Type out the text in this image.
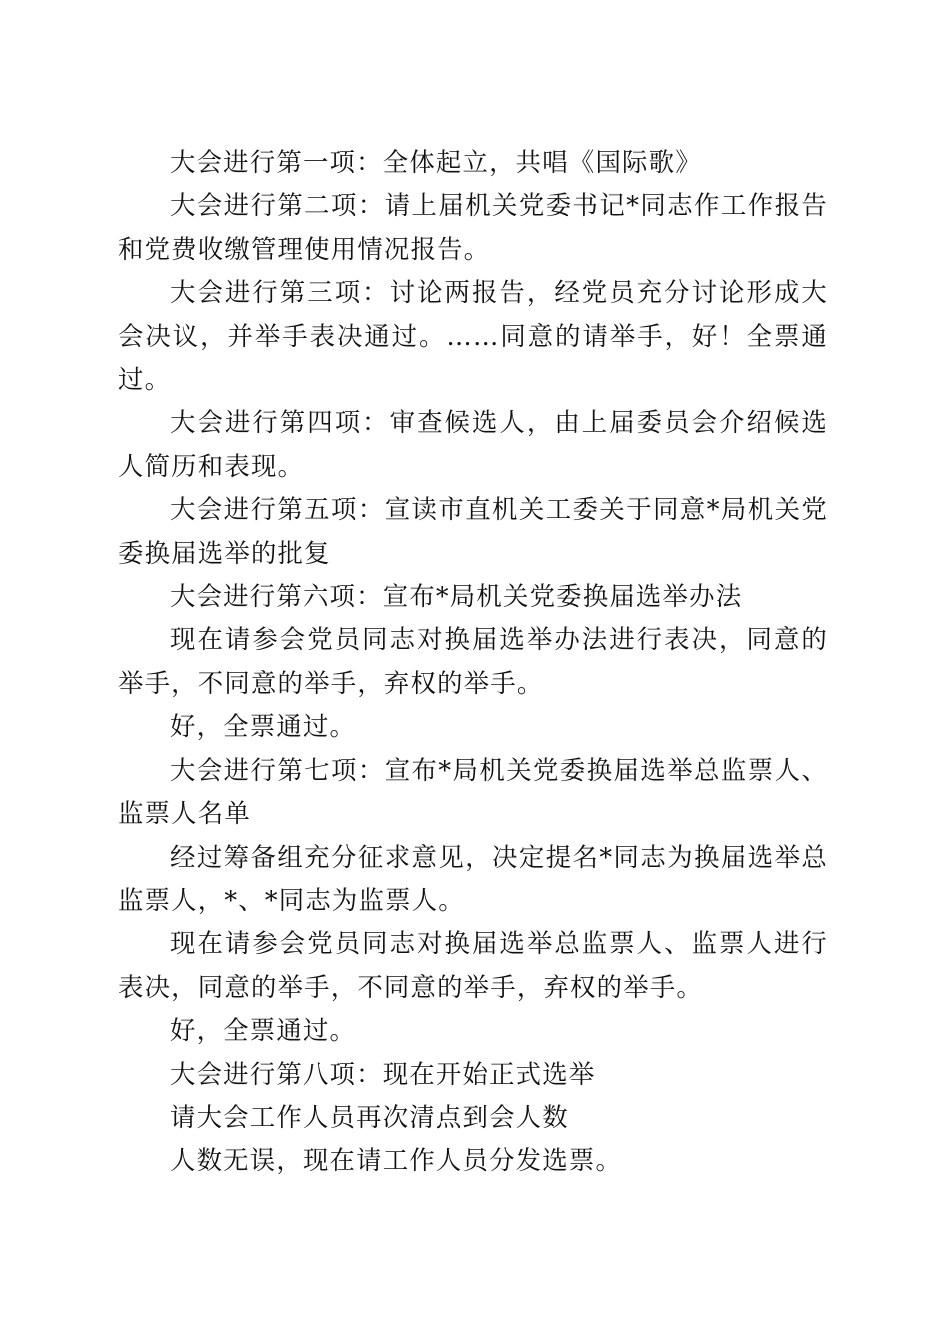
大会进行第一项：全体起立，共唱《国际歌》

大会进行第二项：请上届机关党委书记*同志作工作报告和党费收缴管理使用情况报告。

大会进行第三项：讨论两报告，经党员充分讨论形成大会决议，并举手表决通过。……同意的请举手，好！全票通过。

大会进行第四项：审查候选人，由上届委员会介绍候选人简历和表现。

大会进行第五项：宣读市直机关工委关于同意*局机关党委换届选举的批复

大会进行第六项：宣布*局机关党委换届选举办法

现在请参会党员同志对换届选举办法进行表决，同意的举手，不同意的举手，弃权的举手。

好，全票通过。

大会进行第七项：宣布*局机关党委换届选举总监票人、监票人名单

经过筹备组充分征求意见，决定提名*同志为换届选举总监票人，*、*同志为监票人。

现在请参会党员同志对换届选举总监票人、监票人进行表决，同意的举手，不同意的举手，弃权的举手。

好，全票通过。

大会进行第八项：现在开始正式选举

请大会工作人员再次清点到会人数

人数无误，现在请工作人员分发选票。
